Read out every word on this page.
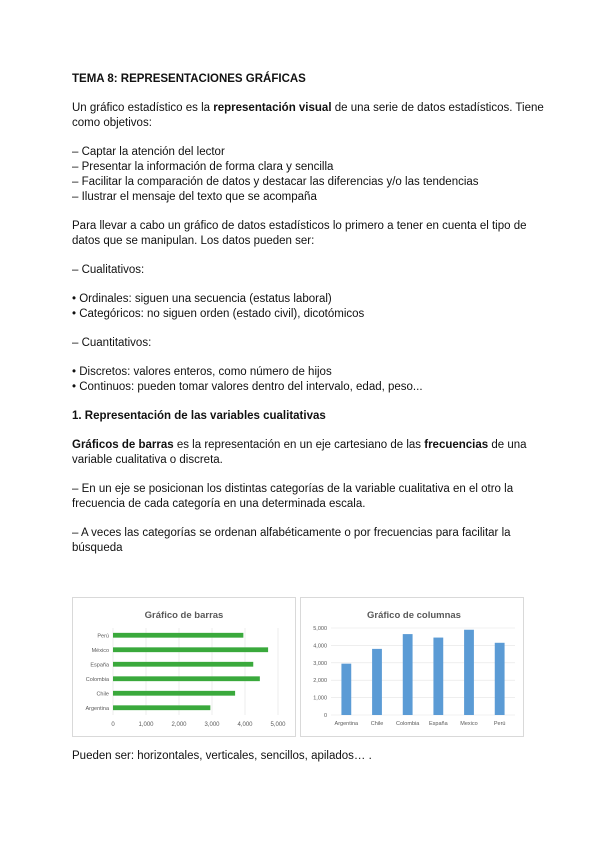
TEMA 8: REPRESENTACIONES GRÁFICAS
Un gráfico estadístico es la representación visual de una serie de datos estadísticos. Tiene
como objetivos:
– Captar la atención del lector
– Presentar la información de forma clara y sencilla
– Facilitar la comparación de datos y destacar las diferencias y/o las tendencias
– Ilustrar el mensaje del texto que se acompaña
Para llevar a cabo un gráfico de datos estadísticos lo primero a tener en cuenta el tipo de
datos que se manipulan. Los datos pueden ser:
– Cualitativos:
• Ordinales: siguen una secuencia (estatus laboral)
• Categóricos: no siguen orden (estado civil), dicotómicos
– Cuantitativos:
• Discretos: valores enteros, como número de hijos
• Continuos: pueden tomar valores dentro del intervalo, edad, peso...
1. Representación de las variables cualitativas
Gráficos de barras es la representación en un eje cartesiano de las frecuencias de una
variable cualitativa o discreta.
– En un eje se posicionan los distintas categorías de la variable cualitativa en el otro la
frecuencia de cada categoría en una determinada escala.
– A veces las categorías se ordenan alfabéticamente o por frecuencias para facilitar la
búsqueda
Pueden ser: horizontales, verticales, sencillos, apilados… .
Gráfico de barras
Perú
México
España
Colombia
Chile
Argentina
0	1,000	2,000	3,000	4,000	5,000
Gráfico de columnas
Argentina Chile Colombia España Mexico	Perú
0
1,000
2,000
3,000
4,000
5,000
